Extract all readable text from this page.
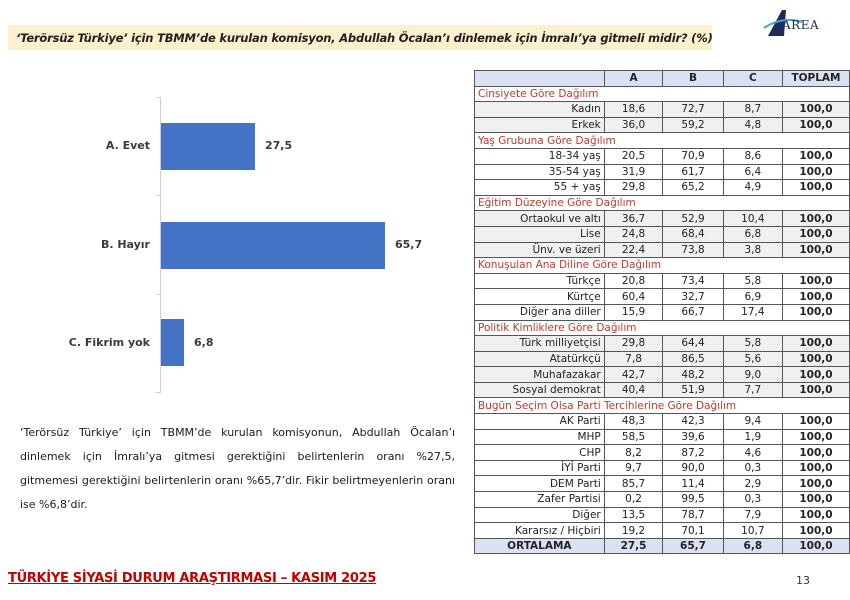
‘Terörsüz Türkiye’ için TBMM’de kurulan komisyon, Abdullah Öcalan’ı dinlemek için İmralı’ya gitmeli midir? (%)
AREA
A. Evet	27,5
B. Hayır	65,7
C. Fikrim yok	6,8
‘Terörsüz Türkiye’ için TBMM’de kurulan komisyonun, Abdullah Öcalan’ı dinlemek için İmralı’ya gitmesi gerektiğini belirtenlerin oranı %27,5, gitmemesi gerektiğini belirtenlerin oranı %65,7’dir. Fikir belirtmeyenlerin oranı ise %6,8’dir.
	A	B	C	TOPLAM
Cinsiyete Göre Dağılım				
Kadın	18,6	72,7	8,7	100,0
Erkek	36,0	59,2	4,8	100,0
Yaş Grubuna Göre Dağılım				
18-34 yaş	20,5	70,9	8,6	100,0
35-54 yaş	31,9	61,7	6,4	100,0
55 + yaş	29,8	65,2	4,9	100,0
Eğitim Düzeyine Göre Dağılım				
Ortaokul ve altı	36,7	52,9	10,4	100,0
Lise	24,8	68,4	6,8	100,0
Ünv. ve üzeri	22,4	73,8	3,8	100,0
Konuşulan Ana Diline Göre Dağılım				
Türkçe	20,8	73,4	5,8	100,0
Kürtçe	60,4	32,7	6,9	100,0
Diğer ana diller	15,9	66,7	17,4	100,0
Politik Kimliklere Göre Dağılım				
Türk milliyetçisi	29,8	64,4	5,8	100,0
Atatürkçü	7,8	86,5	5,6	100,0
Muhafazakar	42,7	48,2	9,0	100,0
Sosyal demokrat	40,4	51,9	7,7	100,0
Bugün Seçim Olsa Parti Tercihlerine Göre Dağılım				
AK Parti	48,3	42,3	9,4	100,0
MHP	58,5	39,6	1,9	100,0
CHP	8,2	87,2	4,6	100,0
İYİ Parti	9,7	90,0	0,3	100,0
DEM Parti	85,7	11,4	2,9	100,0
Zafer Partisi	0,2	99,5	0,3	100,0
Diğer	13,5	78,7	7,9	100,0
Kararsız / Hiçbiri	19,2	70,1	10,7	100,0
ORTALAMA	27,5	65,7	6,8	100,0
TÜRKİYE SİYASİ DURUM ARAŞTIRMASI – KASIM 2025	13
